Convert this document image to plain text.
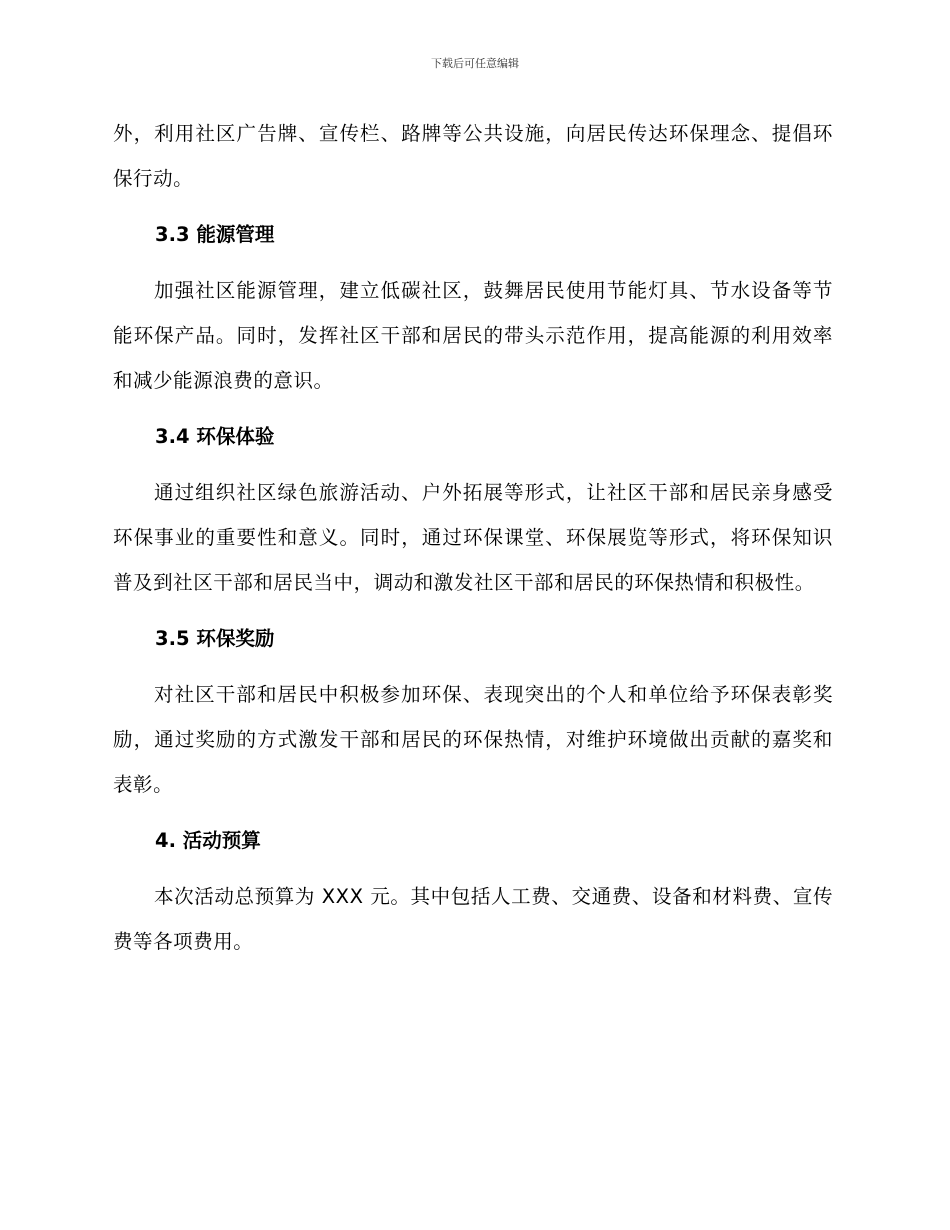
下载后可任意编辑

外，利用社区广告牌、宣传栏、路牌等公共设施，向居民传达环保理念、提倡环保行动。

3.3 能源管理

加强社区能源管理，建立低碳社区，鼓舞居民使用节能灯具、节水设备等节能环保产品。同时，发挥社区干部和居民的带头示范作用，提高能源的利用效率和减少能源浪费的意识。

3.4 环保体验

通过组织社区绿色旅游活动、户外拓展等形式，让社区干部和居民亲身感受环保事业的重要性和意义。同时，通过环保课堂、环保展览等形式，将环保知识普及到社区干部和居民当中，调动和激发社区干部和居民的环保热情和积极性。

3.5 环保奖励

对社区干部和居民中积极参加环保、表现突出的个人和单位给予环保表彰奖励，通过奖励的方式激发干部和居民的环保热情，对维护环境做出贡献的嘉奖和表彰。

4. 活动预算

本次活动总预算为 XXX 元。其中包括人工费、交通费、设备和材料费、宣传费等各项费用。
